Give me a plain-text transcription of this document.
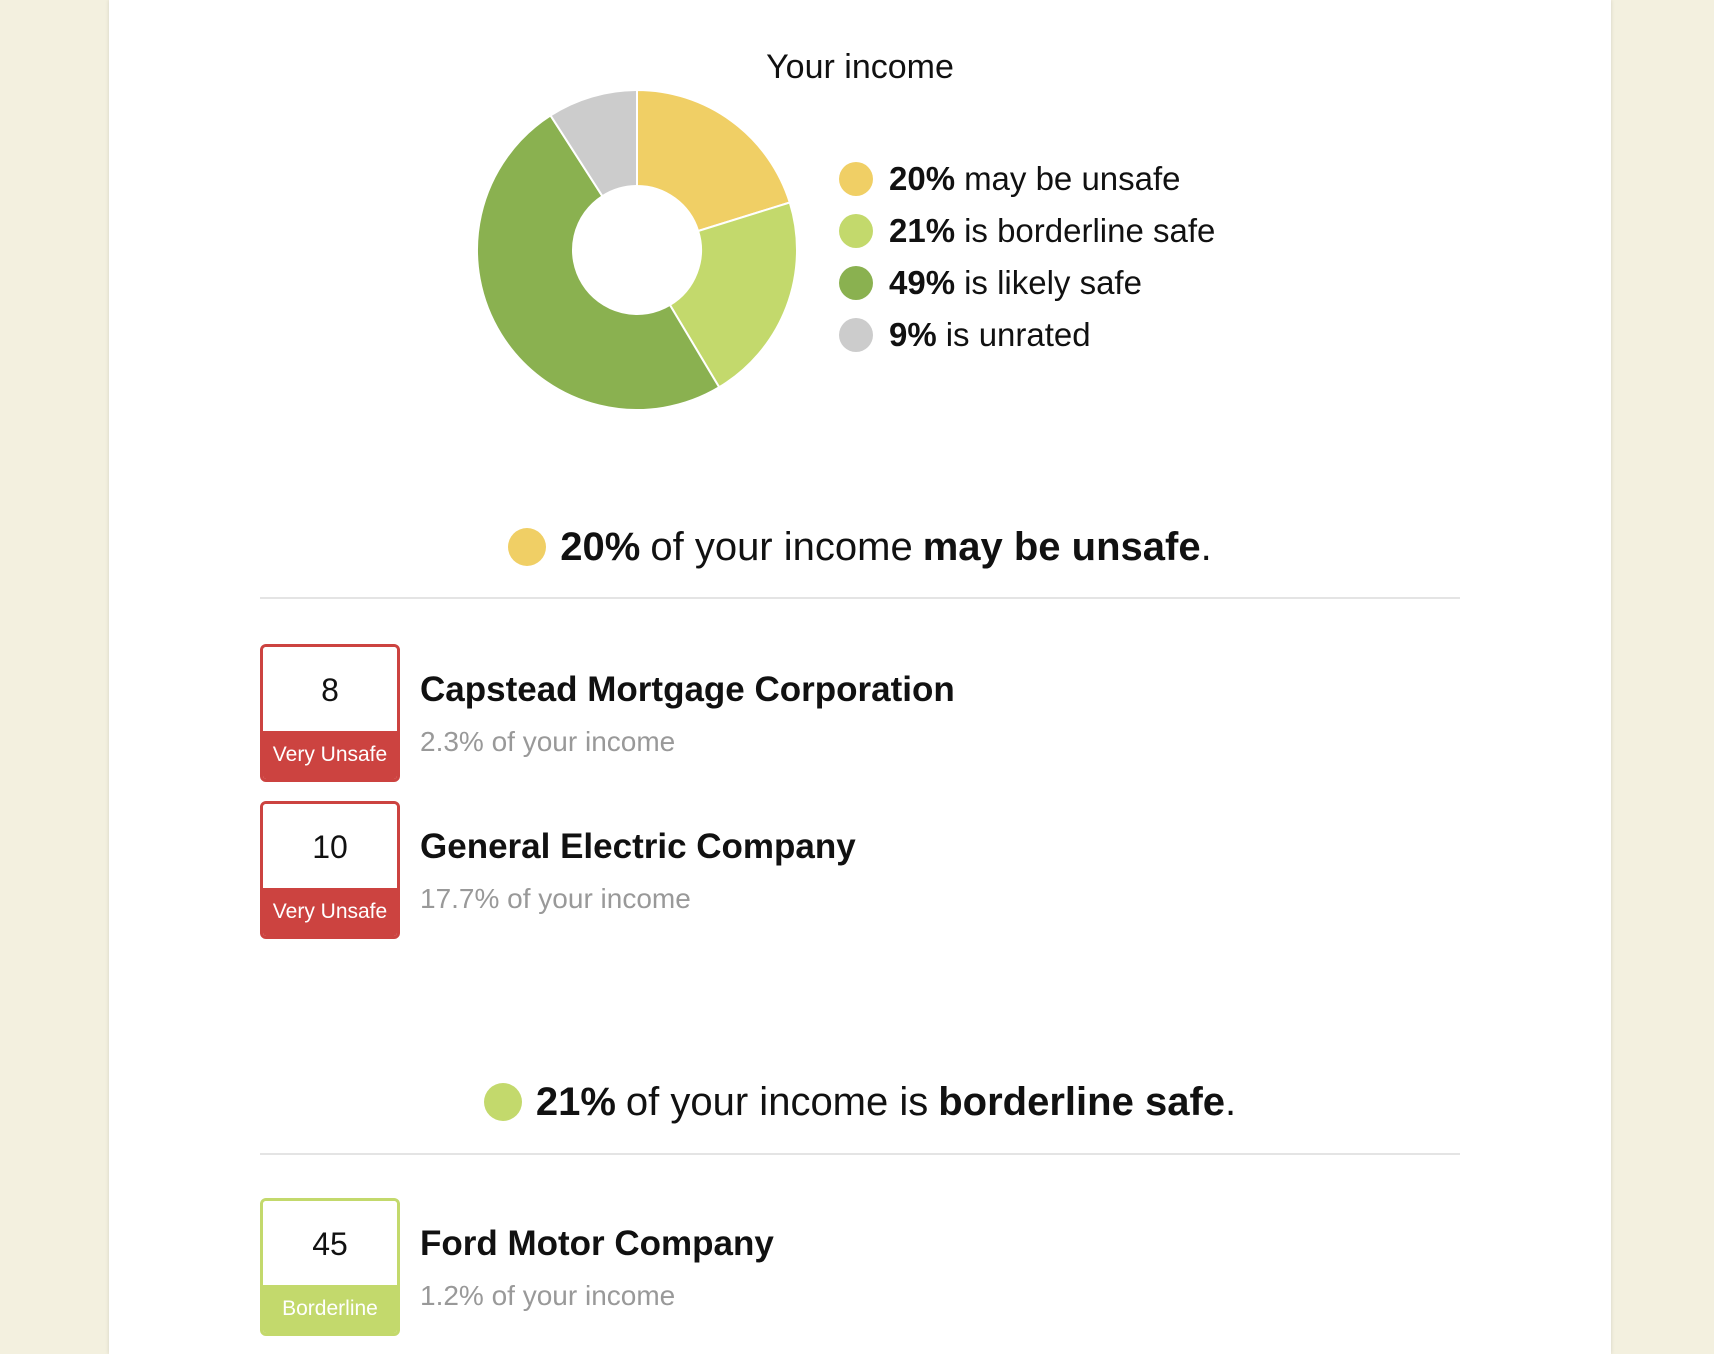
Your income
20% may be unsafe
21% is borderline safe
49% is likely safe
9% is unrated
20% of your income may be unsafe .
8
Very Unsafe
Capstead Mortgage Corporation
2.3% of your income
10
Very Unsafe
General Electric Company
17.7% of your income
21% of your income is borderline safe .
45
Borderline
Ford Motor Company
1.2% of your income
